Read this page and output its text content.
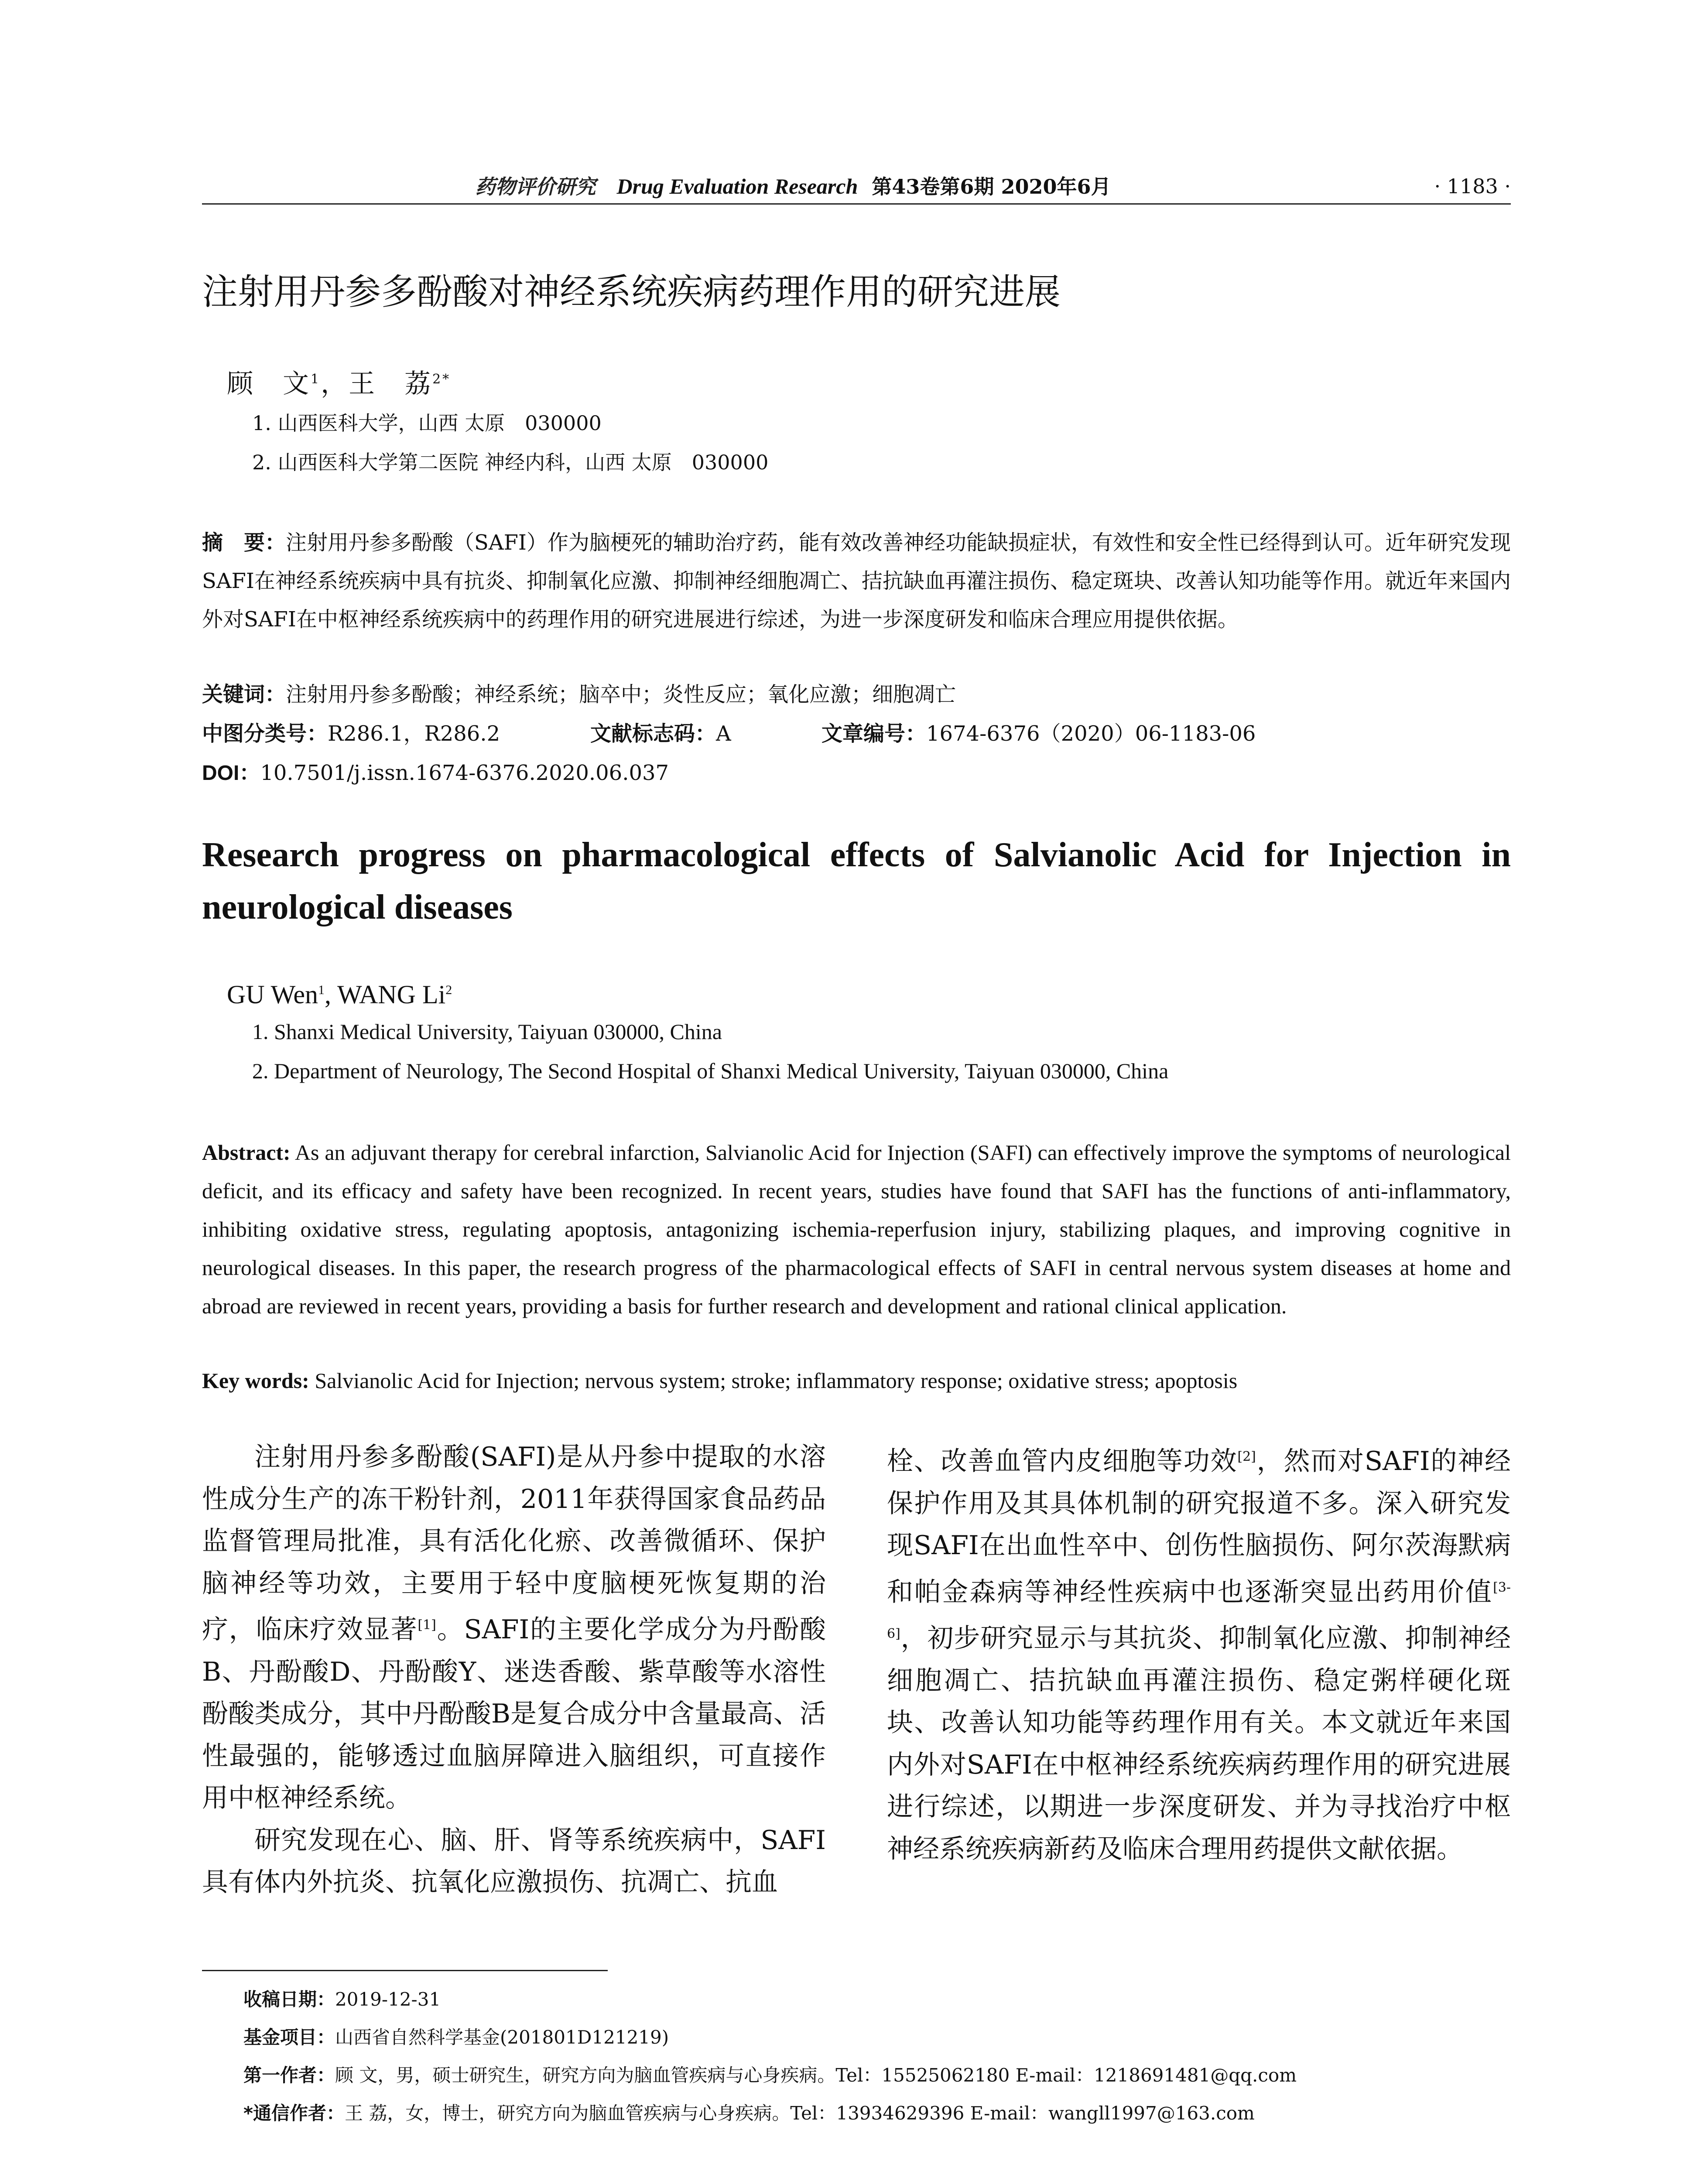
药物评价研究 Drug Evaluation Research 第43卷第6期 2020年6月	· 1183 ·
注射用丹参多酚酸对神经系统疾病药理作用的研究进展
顾　文$^1$，王　荔$^{2*}$
1. 山西医科大学，山西 太原　030000
2. 山西医科大学第二医院 神经内科，山西 太原　030000
摘　要：注射用丹参多酚酸（SAFI）作为脑梗死的辅助治疗药，能有效改善神经功能缺损症状，有效性和安全性已经得到认可。近年研究发现SAFI在神经系统疾病中具有抗炎、抑制氧化应激、抑制神经细胞凋亡、拮抗缺血再灌注损伤、稳定斑块、改善认知功能等作用。就近年来国内外对SAFI在中枢神经系统疾病中的药理作用的研究进展进行综述，为进一步深度研发和临床合理应用提供依据。
关键词：注射用丹参多酚酸；神经系统；脑卒中；炎性反应；氧化应激；细胞凋亡
中图分类号：R286.1，R286.2	文献标志码：A	文章编号：1674-6376（2020）06-1183-06
DOI：10.7501/j.issn.1674-6376.2020.06.037
Research progress on pharmacological effects of Salvianolic Acid for Injection in neurological diseases
GU Wen$^1$, WANG Li$^2$
1. Shanxi Medical University, Taiyuan 030000, China
2. Department of Neurology, The Second Hospital of Shanxi Medical University, Taiyuan 030000, China
Abstract: As an adjuvant therapy for cerebral infarction, Salvianolic Acid for Injection (SAFI) can effectively improve the symptoms of neurological deficit, and its efficacy and safety have been recognized. In recent years, studies have found that SAFI has the functions of anti-inflammatory, inhibiting oxidative stress, regulating apoptosis, antagonizing ischemia-reperfusion injury, stabilizing plaques, and improving cognitive in neurological diseases. In this paper, the research progress of the pharmacological effects of SAFI in central nervous system diseases at home and abroad are reviewed in recent years, providing a basis for further research and development and rational clinical application.
Key words: Salvianolic Acid for Injection; nervous system; stroke; inflammatory response; oxidative stress; apoptosis

注射用丹参多酚酸(SAFI)是从丹参中提取的水溶性成分生产的冻干粉针剂，2011年获得国家食品药品监督管理局批准，具有活化化瘀、改善微循环、保护脑神经等功效，主要用于轻中度脑梗死恢复期的治疗，临床疗效显著[1]。SAFI的主要化学成分为丹酚酸B、丹酚酸D、丹酚酸Y、迷迭香酸、紫草酸等水溶性酚酸类成分，其中丹酚酸B是复合成分中含量最高、活性最强的，能够透过血脑屏障进入脑组织，可直接作用中枢神经系统。

研究发现在心、脑、肝、肾等系统疾病中，SAFI具有体内外抗炎、抗氧化应激损伤、抗凋亡、抗血

栓、改善血管内皮细胞等功效[2]，然而对SAFI的神经保护作用及其具体机制的研究报道不多。深入研究发现SAFI在出血性卒中、创伤性脑损伤、阿尔茨海默病和帕金森病等神经性疾病中也逐渐突显出药用价值[3-6]，初步研究显示与其抗炎、抑制氧化应激、抑制神经细胞凋亡、拮抗缺血再灌注损伤、稳定粥样硬化斑块、改善认知功能等药理作用有关。本文就近年来国内外对SAFI在中枢神经系统疾病药理作用的研究进展进行综述，以期进一步深度研发、并为寻找治疗中枢神经系统疾病新药及临床合理用药提供文献依据。

收稿日期：2019-12-31
基金项目：山西省自然科学基金(201801D121219)
第一作者：顾 文，男，硕士研究生，研究方向为脑血管疾病与心身疾病。Tel：15525062180 E-mail：1218691481@qq.com
*通信作者：王 荔，女，博士，研究方向为脑血管疾病与心身疾病。Tel：13934629396 E-mail：wangll1997@163.com
